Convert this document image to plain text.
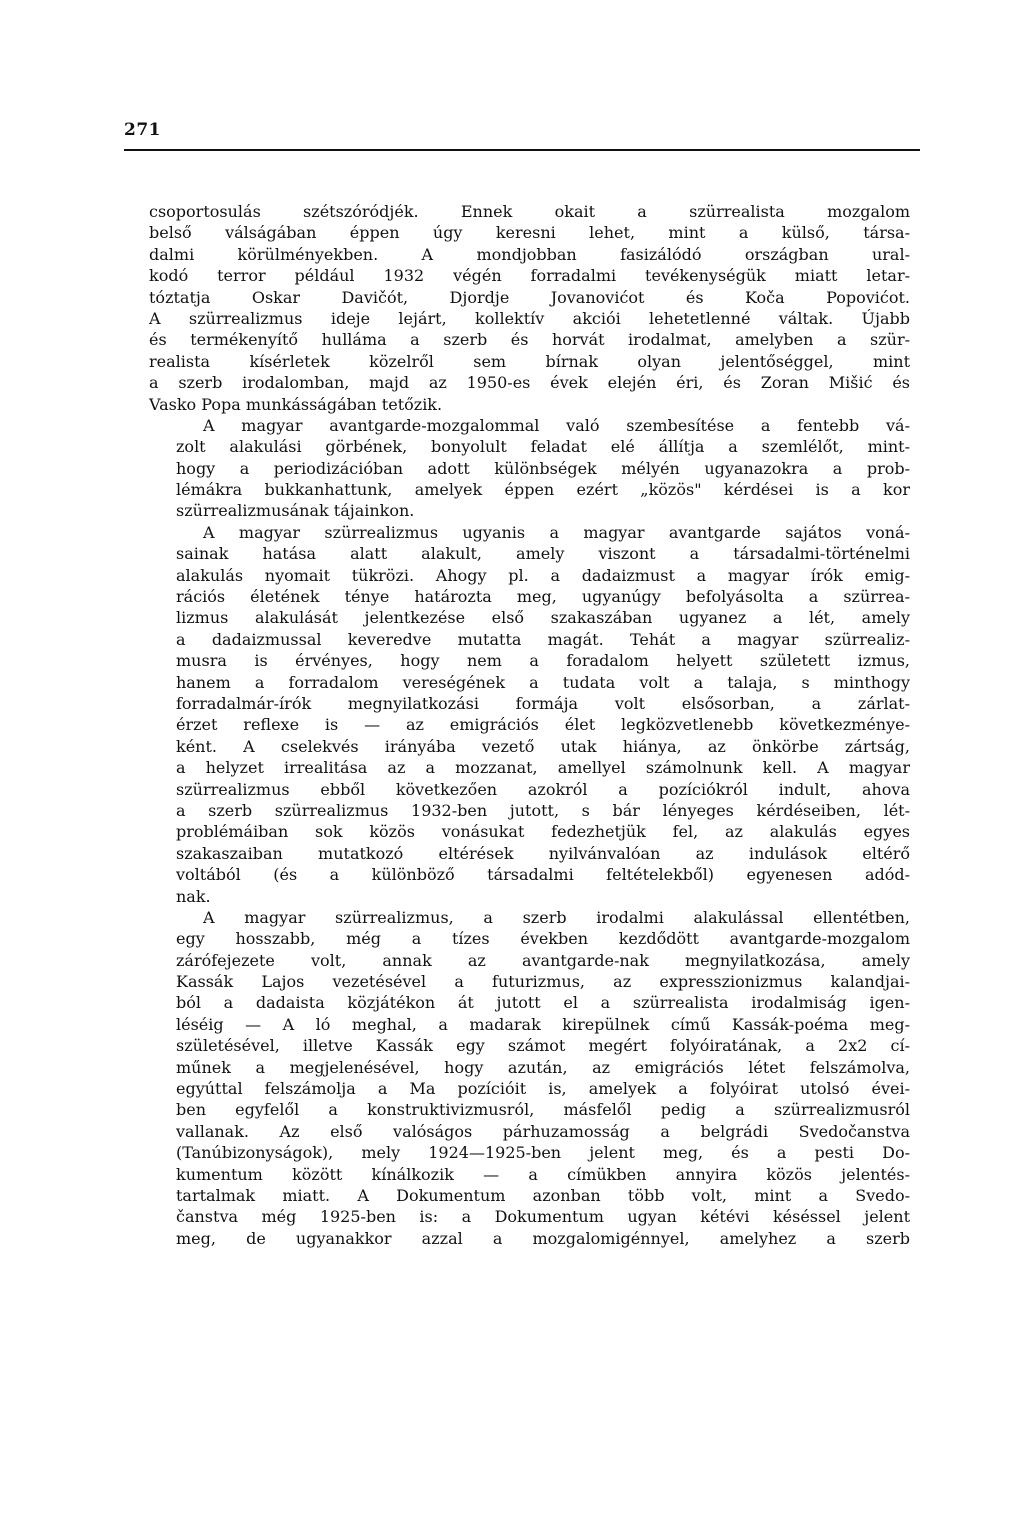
271
csoportosulás szétszóródjék. Ennek okait a szürrealista mozgalom
belső válságában éppen úgy keresni lehet, mint a külső, társa-
dalmi körülményekben. A mondjobban fasizálódó országban ural-
kodó terror például 1932 végén forradalmi tevékenységük miatt letar-
tóztatja Oskar Davičót, Djordje Jovanovićot és Koča Popovićot.
A szürrealizmus ideje lejárt, kollektív akciói lehetetlenné váltak. Újabb
és termékenyítő hulláma a szerb és horvát irodalmat, amelyben a szür-
realista kísérletek közelről sem bírnak olyan jelentőséggel, mint
a szerb irodalomban, majd az 1950-es évek elején éri, és Zoran Mišić és
Vasko Popa munkásságában tetőzik.
A magyar avantgarde-mozgalommal való szembesítése a fentebb vá-
zolt alakulási görbének, bonyolult feladat elé állítja a szemlélőt, mint-
hogy a periodizációban adott különbségek mélyén ugyanazokra a prob-
lémákra bukkanhattunk, amelyek éppen ezért „közös" kérdései is a kor
szürrealizmusának tájainkon.
A magyar szürrealizmus ugyanis a magyar avantgarde sajátos voná-
sainak hatása alatt alakult, amely viszont a társadalmi-történelmi
alakulás nyomait tükrözi. Ahogy pl. a dadaizmust a magyar írók emig-
rációs életének ténye határozta meg, ugyanúgy befolyásolta a szürrea-
lizmus alakulását jelentkezése első szakaszában ugyanez a lét, amely
a dadaizmussal keveredve mutatta magát. Tehát a magyar szürrealiz-
musra is érvényes, hogy nem a foradalom helyett született izmus,
hanem a forradalom vereségének a tudata volt a talaja, s minthogy
forradalmár-írók megnyilatkozási formája volt elsősorban, a zárlat-
érzet reflexe is — az emigrációs élet legközvetlenebb következménye-
ként. A cselekvés irányába vezető utak hiánya, az önkörbe zártság,
a helyzet irrealitása az a mozzanat, amellyel számolnunk kell. A magyar
szürrealizmus ebből következően azokról a pozíciókról indult, ahova
a szerb szürrealizmus 1932-ben jutott, s bár lényeges kérdéseiben, lét-
problémáiban sok közös vonásukat fedezhetjük fel, az alakulás egyes
szakaszaiban mutatkozó eltérések nyilvánvalóan az indulások eltérő
voltából (és a különböző társadalmi feltételekből) egyenesen adód-
nak.
A magyar szürrealizmus, a szerb irodalmi alakulással ellentétben,
egy hosszabb, még a tízes években kezdődött avantgarde-mozgalom
zárófejezete volt, annak az avantgarde-nak megnyilatkozása, amely
Kassák Lajos vezetésével a futurizmus, az expresszionizmus kalandjai-
ból a dadaista közjátékon át jutott el a szürrealista irodalmiság igen-
léséig — A ló meghal, a madarak kirepülnek című Kassák-poéma meg-
születésével, illetve Kassák egy számot megért folyóiratának, a 2x2 cí-
műnek a megjelenésével, hogy azután, az emigrációs létet felszámolva,
egyúttal felszámolja a Ma pozícióit is, amelyek a folyóirat utolsó évei-
ben egyfelől a konstruktivizmusról, másfelől pedig a szürrealizmusról
vallanak. Az első valóságos párhuzamosság a belgrádi Svedočanstva
(Tanúbizonyságok), mely 1924—1925-ben jelent meg, és a pesti Do-
kumentum között kínálkozik — a címükben annyira közös jelentés-
tartalmak miatt. A Dokumentum azonban több volt, mint a Svedo-
čanstva még 1925-ben is: a Dokumentum ugyan kétévi késéssel jelent
meg, de ugyanakkor azzal a mozgalomigénnyel, amelyhez a szerb
